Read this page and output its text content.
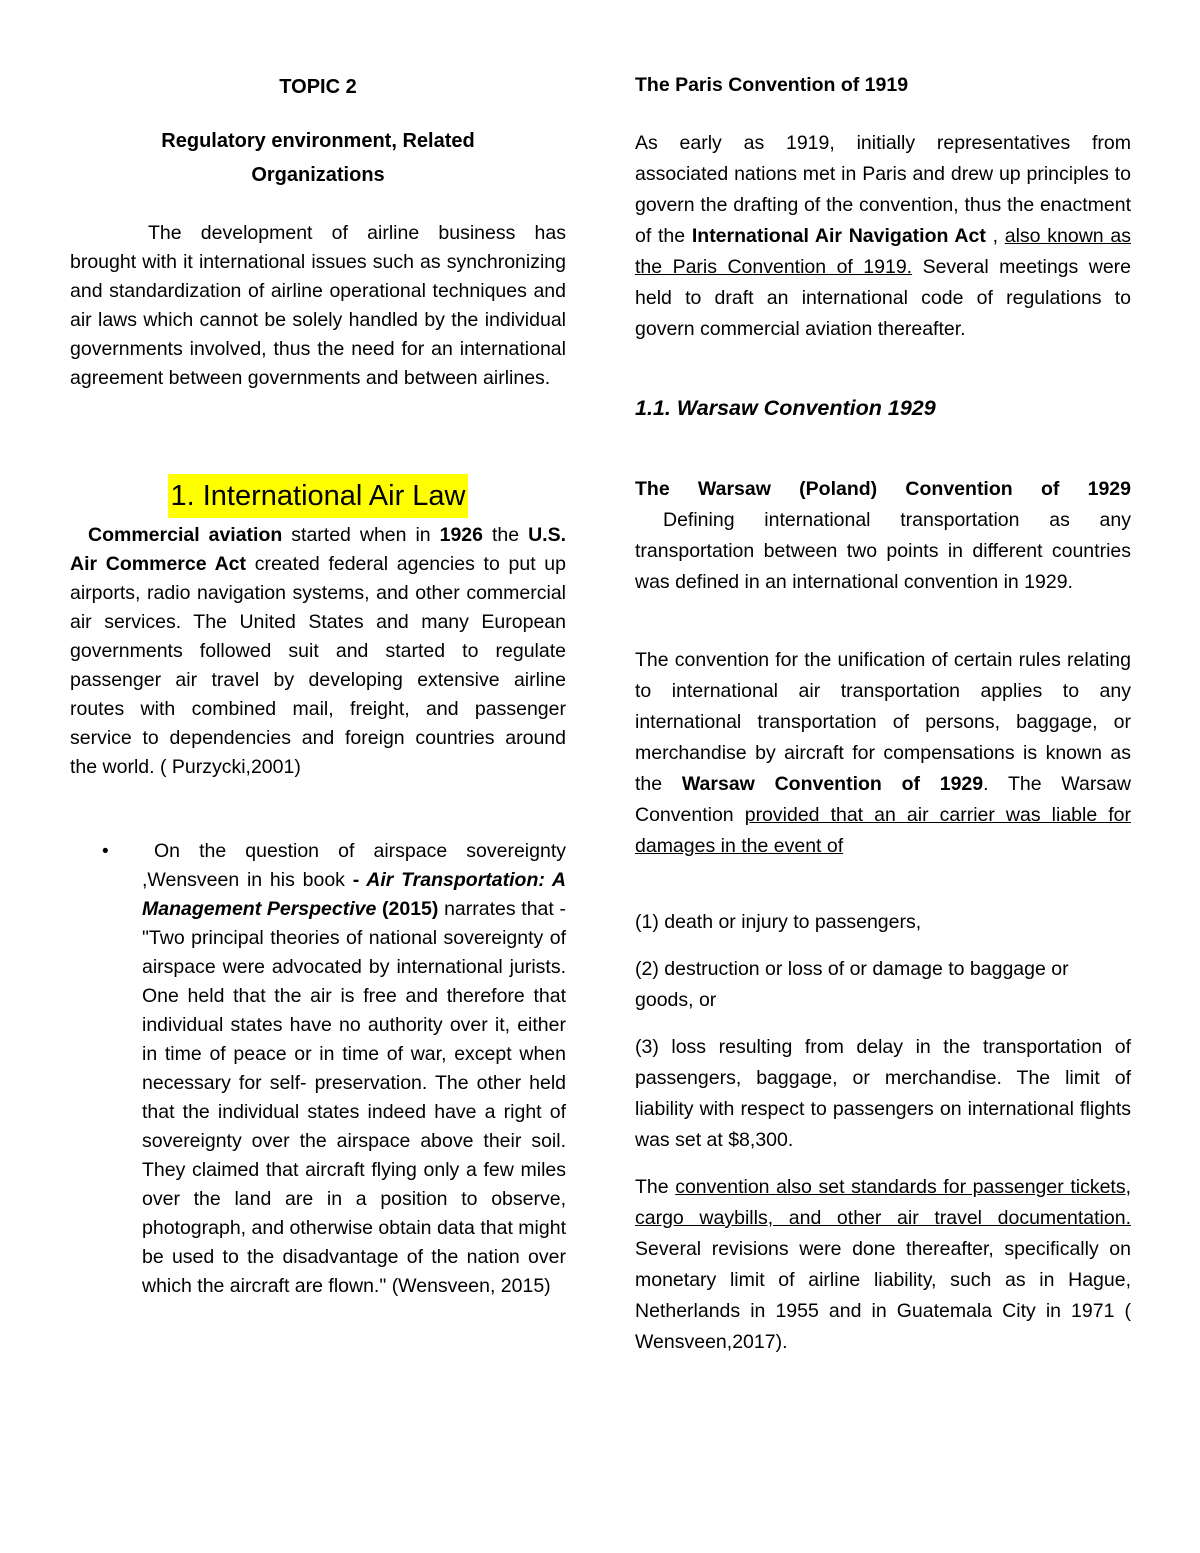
TOPIC 2

Regulatory environment, Related
Organizations

The development of airline business has brought with it international issues such as synchronizing and standardization of airline operational techniques and air laws which cannot be solely handled by the individual governments involved, thus the need for an international agreement between governments and between airlines.

1. International Air Law

Commercial aviation started when in 1926 the U.S. Air Commerce Act created federal agencies to put up airports, radio navigation systems, and other commercial air services. The United States and many European governments followed suit and started to regulate passenger air travel by developing extensive airline routes with combined mail, freight, and passenger service to dependencies and foreign countries around the world. ( Purzycki,2001)

•	On the question of airspace sovereignty ,Wensveen in his book - Air Transportation: A Management Perspective (2015) narrates that - "Two principal theories of national sovereignty of airspace were advocated by international jurists. One held that the air is free and therefore that individual states have no authority over it, either in time of peace or in time of war, except when necessary for self- preservation. The other held that the individual states indeed have a right of sovereignty over the airspace above their soil. They claimed that aircraft flying only a few miles over the land are in a position to observe, photograph, and otherwise obtain data that might be used to the disadvantage of the nation over which the aircraft are flown." (Wensveen, 2015)

The Paris Convention of 1919

As early as 1919, initially representatives from associated nations met in Paris and drew up principles to govern the drafting of the convention, thus the enactment of the International Air Navigation Act , also known as the Paris Convention of 1919. Several meetings were held to draft an international code of regulations to govern commercial aviation thereafter.

1.1. Warsaw Convention 1929

The Warsaw (Poland) Convention of 1929

Defining international transportation as any transportation between two points in different countries was defined in an international convention in 1929.

The convention for the unification of certain rules relating to international air transportation applies to any international transportation of persons, baggage, or merchandise by aircraft for compensations is known as the Warsaw Convention of 1929. The Warsaw Convention provided that an air carrier was liable for damages in the event of

(1) death or injury to passengers,

(2) destruction or loss of or damage to baggage or goods, or

(3) loss resulting from delay in the transportation of passengers, baggage, or merchandise. The limit of liability with respect to passengers on international flights was set at $8,300.

The convention also set standards for passenger tickets, cargo waybills, and other air travel documentation. Several revisions were done thereafter, specifically on monetary limit of airline liability, such as in Hague, Netherlands in 1955 and in Guatemala City in 1971 ( Wensveen,2017).
